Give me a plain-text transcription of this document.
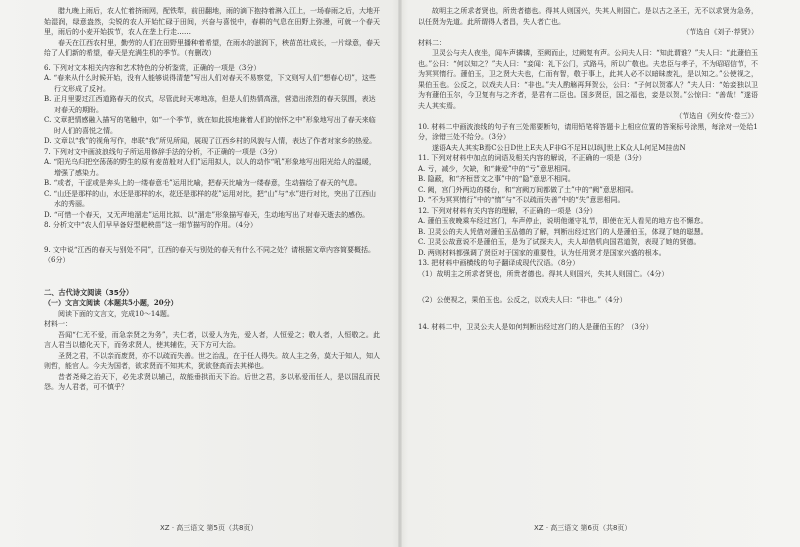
腊九晚上雨后，农人忙着挤雨网，配铁犁，前田翻地，雨的滴下抱持着淋入江上，一场春雨之后，大地开始湿润，绿意盎然，尖锐的农人开始忙碌于田间，兴奋与喜悦中，春耕的气息在田野上弥漫，可就一个春天里，雨后的小麦开始拔节，农人在垄上行走……

春天在江西农村里，勤劳的人们在田野里播种着希望，在雨水的滋润下，秧苗茁壮成长，一片绿意，春天给了人们新的希望，春天是充满生机的季节。（有删改）

6. 下列对文本相关内容和艺术特色的分析鉴赏，正确的一项是（3分）

A. “春来从什么时候开始，没有人能够说得清楚”写出人们对春天不易察觉，下文则写人们“想春心切”，这些行文形成了反衬。

B. 正月里要过江西道路春天的仪式，尽管此时天寒地冻，但是人们热情高涨，营造出浓烈的春天氛围，表达对春天的期盼。

C. 文章把情感融入描写的笔触中，如“一个季节，就在如此拔地兼着人们的惊怀之中”形象地写出了春天来临时人们的喜悦之情。

D. 文章以“我”的视角写作，串联“我”所见所闻，展现了江西乡村的风貌与人情，表达了作者对家乡的热爱。

7. 下列对文中画波浪线句子所运用修辞手法的分析，不正确的一项是（3分）

A. “阳光乌归把空荡荡的野生的原有麦苗般对人们”运用拟人，以人的动作“吼”形象地写出阳光给人的温暖，增强了感染力。

B. “或者，干涩或是奔头上的一缕春意毛”运用比喻，把春天比喻为一缕春意，生动描绘了春天的气息。

C. “山还是那样的山，水还是那样的水，花还是那样的花”运用对比，把“山”与“水”进行对比，突出了江西山水的秀丽。

D. “可惜一个春天，又无声地溜走”运用比拟、以“溜走”形象描写春天，生动地写出了对春天逝去的感伤。

8. 分析文中“农人们早早备好型耙秧苗”这一细节描写的作用。（4分）

9. 文中说“江西的春天与别处不同”，江西的春天与别处的春天有什么不同之处？请根据文章内容简要概括。（6分）

二、古代诗文阅读（35分）

（一）文言文阅读（本题共5小题，20分）

阅读下面的文言文，完成10～14题。

材料一：

吾闻“仁无不爱，而急亲贤之为务”，夫仁者，以爱人为先，爱人者，人恒爱之；敬人者，人恒敬之。此言人君当以德化天下，而务求贤人，使其辅佐，天下方可大治。

圣贤之君，不以亲而废贤，亦不以疏而失善。世之治乱，在于任人得失。故人主之务，莫大于知人，知人则哲，能官人。今夫为国者，欲求贤而不知其术，犹欲登高而去其梯也。

昔者尧舜之治天下，必先求贤以辅己，故能垂拱而天下治。后世之君，多以私爱而任人，是以国乱而民怨。为人君者，可不慎乎？

故明主之所求者贤也，所贵者德也。得其人则国兴，失其人则国亡。是以古之圣王，无不以求贤为急务，以任贤为先道。此所谓得人者昌，失人者亡也。

（节选自《刘子·荐贤》）

材料二：

卫灵公与夫人夜坐，闻车声辚辚，至阙而止，过阙复有声。公问夫人曰：“知此谓谁？”夫人曰：“此蘧伯玉也。”公曰：“何以知之？”夫人曰：“妾闻：礼下公门，式路马，所以广敬也。夫忠臣与孝子，不为昭昭信节，不为冥冥惰行。蘧伯玉，卫之贤大夫也，仁而有智，敬于事上，此其人必不以暗昧废礼，是以知之。”公使视之，果伯玉也。公反之，以戏夫人曰：“非也。”夫人酌觞再拜贺公，公曰：“子何以贺寡人？”夫人曰：“始妾独以卫为有蘧伯玉尔，今卫复有与之齐者，是君有二臣也。国多贤臣，国之福也，妾是以贺。”公惊曰：“善哉！”遂语夫人其实焉。

（节选自《列女传·卷三》）

10. 材料二中画波浪线的句子有三处需要断句，请用铅笔将答题卡上相应位置的答案标号涂黑，每涂对一处给1分，涂错三处不给分。（3分）

遂语A夫人其实B焉C公日D世上E夫人F非G不足H以I纵J世上K众人L何足M挂齿N

11. 下列对材料中加点的词语及相关内容的解说，不正确的一项是（3分）

A. 亏，减少，欠缺，和“兼爱”中的“亏”意思相同。

B. 隐蔽，和“齐桓晋文之事”中的“隐”意思不相同。

C. 阙，宫门外两边的楼台，和“宫阙万间都做了土”中的“阙”意思相同。

D. “不为冥冥惰行”中的“惰”与“不以疏而失善”中的“失”意思相同。

12. 下列对材料有关内容的理解，不正确的一项是（3分）

A. 蘧伯玉夜晚乘车经过宫门，车声停止，说明他谨守礼节，即使在无人看见的地方也不懈怠。

B. 卫灵公的夫人凭借对蘧伯玉品德的了解，判断出经过宫门的人是蘧伯玉，体现了她的聪慧。

C. 卫灵公故意说不是蘧伯玉，是为了试探夫人，夫人却借机向国君道贺，表现了她的贤德。

D. 两则材料都强调了贤臣对于国家的重要性，认为任用贤才是国家兴盛的根本。

13. 把材料中画横线的句子翻译成现代汉语。（8分）

（1）故明主之所求者贤也，所贵者德也。得其人则国兴，失其人则国亡。（4分）

（2）公使视之，果伯玉也。公反之，以戏夫人曰：“非也。”（4分）

14. 材料二中，卫灵公夫人是如何判断出经过宫门的人是蘧伯玉的？（3分）

XZ · 高三语文 第5页（共8页）	XZ · 高三语文 第6页（共8页）
